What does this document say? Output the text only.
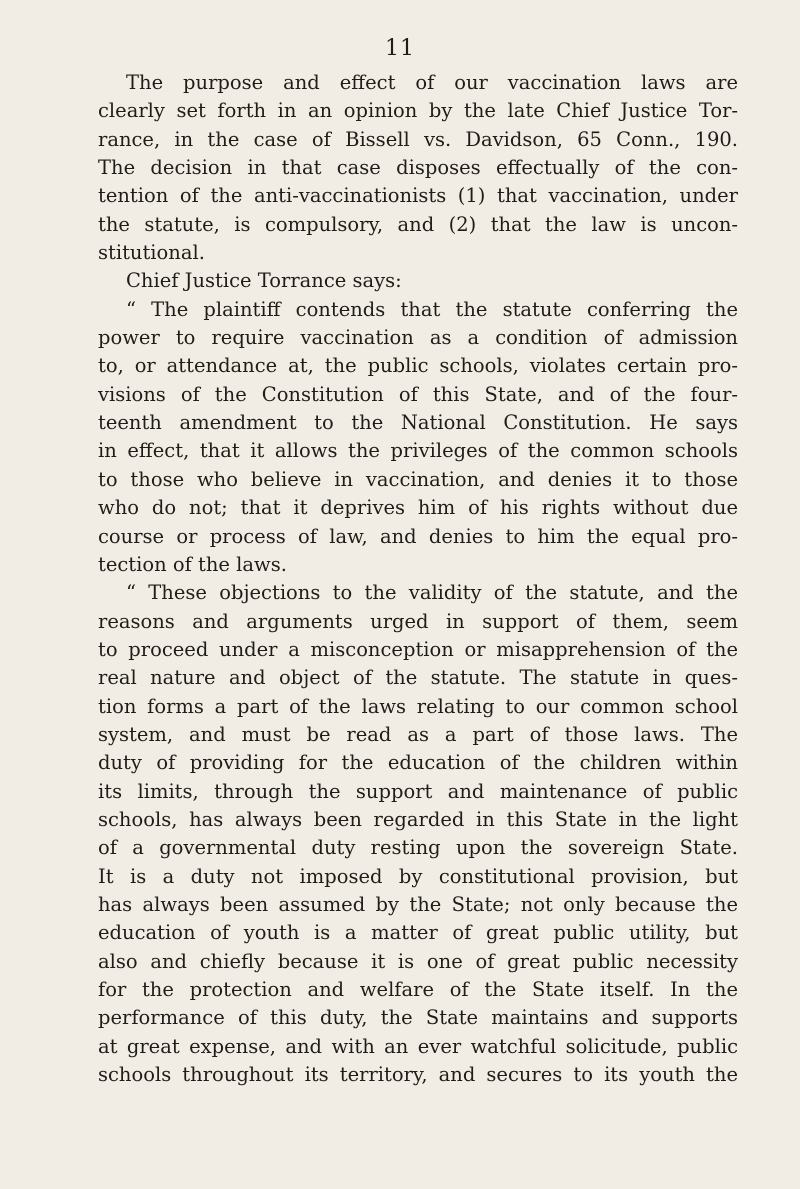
11
The purpose and effect of our vaccination laws are
clearly set forth in an opinion by the late Chief Justice Tor-
rance, in the case of Bissell vs. Davidson, 65 Conn., 190.
The decision in that case disposes effectually of the con-
tention of the anti-vaccinationists (1) that vaccination, under
the statute, is compulsory, and (2) that the law is uncon-
stitutional.
Chief Justice Torrance says:
“ The plaintiff contends that the statute conferring the
power to require vaccination as a condition of admission
to, or attendance at, the public schools, violates certain pro-
visions of the Constitution of this State, and of the four-
teenth amendment to the National Constitution. He says
in effect, that it allows the privileges of the common schools
to those who believe in vaccination, and denies it to those
who do not; that it deprives him of his rights without due
course or process of law, and denies to him the equal pro-
tection of the laws.
“ These objections to the validity of the statute, and the
reasons and arguments urged in support of them, seem
to proceed under a misconception or misapprehension of the
real nature and object of the statute. The statute in ques-
tion forms a part of the laws relating to our common school
system, and must be read as a part of those laws. The
duty of providing for the education of the children within
its limits, through the support and maintenance of public
schools, has always been regarded in this State in the light
of a governmental duty resting upon the sovereign State.
It is a duty not imposed by constitutional provision, but
has always been assumed by the State; not only because the
education of youth is a matter of great public utility, but
also and chiefly because it is one of great public necessity
for the protection and welfare of the State itself. In the
performance of this duty, the State maintains and supports
at great expense, and with an ever watchful solicitude, public
schools throughout its territory, and secures to its youth the
